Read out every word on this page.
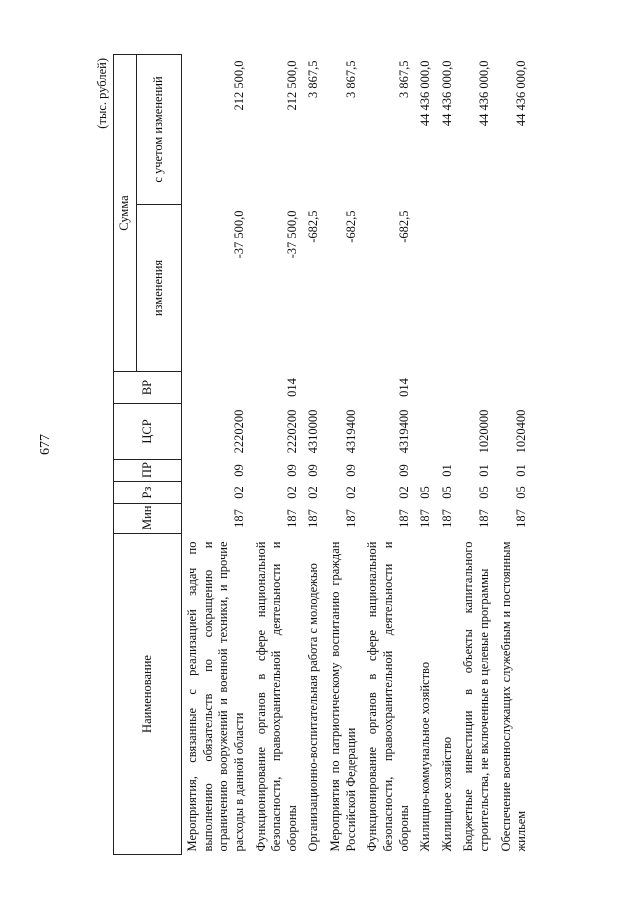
677
(тыс. рублей)
Наименование	Мин	Рз	ПР	ЦСР	ВР	Сумма	
						изменения	с учетом изменений
Мероприятия, связанные с реализацией задач по выполнению обязательств по сокращению и ограничению вооружений и военной техники, и прочие расходы в данной области	187	02	09	2220200		-37 500,0	212 500,0
Функционирование органов в сфере национальной безопасности, правоохранительной деятельности и обороны	187	02	09	2220200	014	-37 500,0	212 500,0
Организационно-воспитательная работа с молодежью	187	02	09	4310000		-682,5	3 867,5
Мероприятия по патриотическому воспитанию граждан Российской Федерации	187	02	09	4319400		-682,5	3 867,5
Функционирование органов в сфере национальной безопасности, правоохранительной деятельности и обороны	187	02	09	4319400	014	-682,5	3 867,5
Жилищно-коммунальное хозяйство	187	05					44 436 000,0
Жилищное хозяйство	187	05	01				44 436 000,0
Бюджетные инвестиции в объекты капитального строительства, не включенные в целевые программы	187	05	01	1020000			44 436 000,0
Обеспечение военнослужащих служебным и постоянным жильем	187	05	01	1020400			44 436 000,0
